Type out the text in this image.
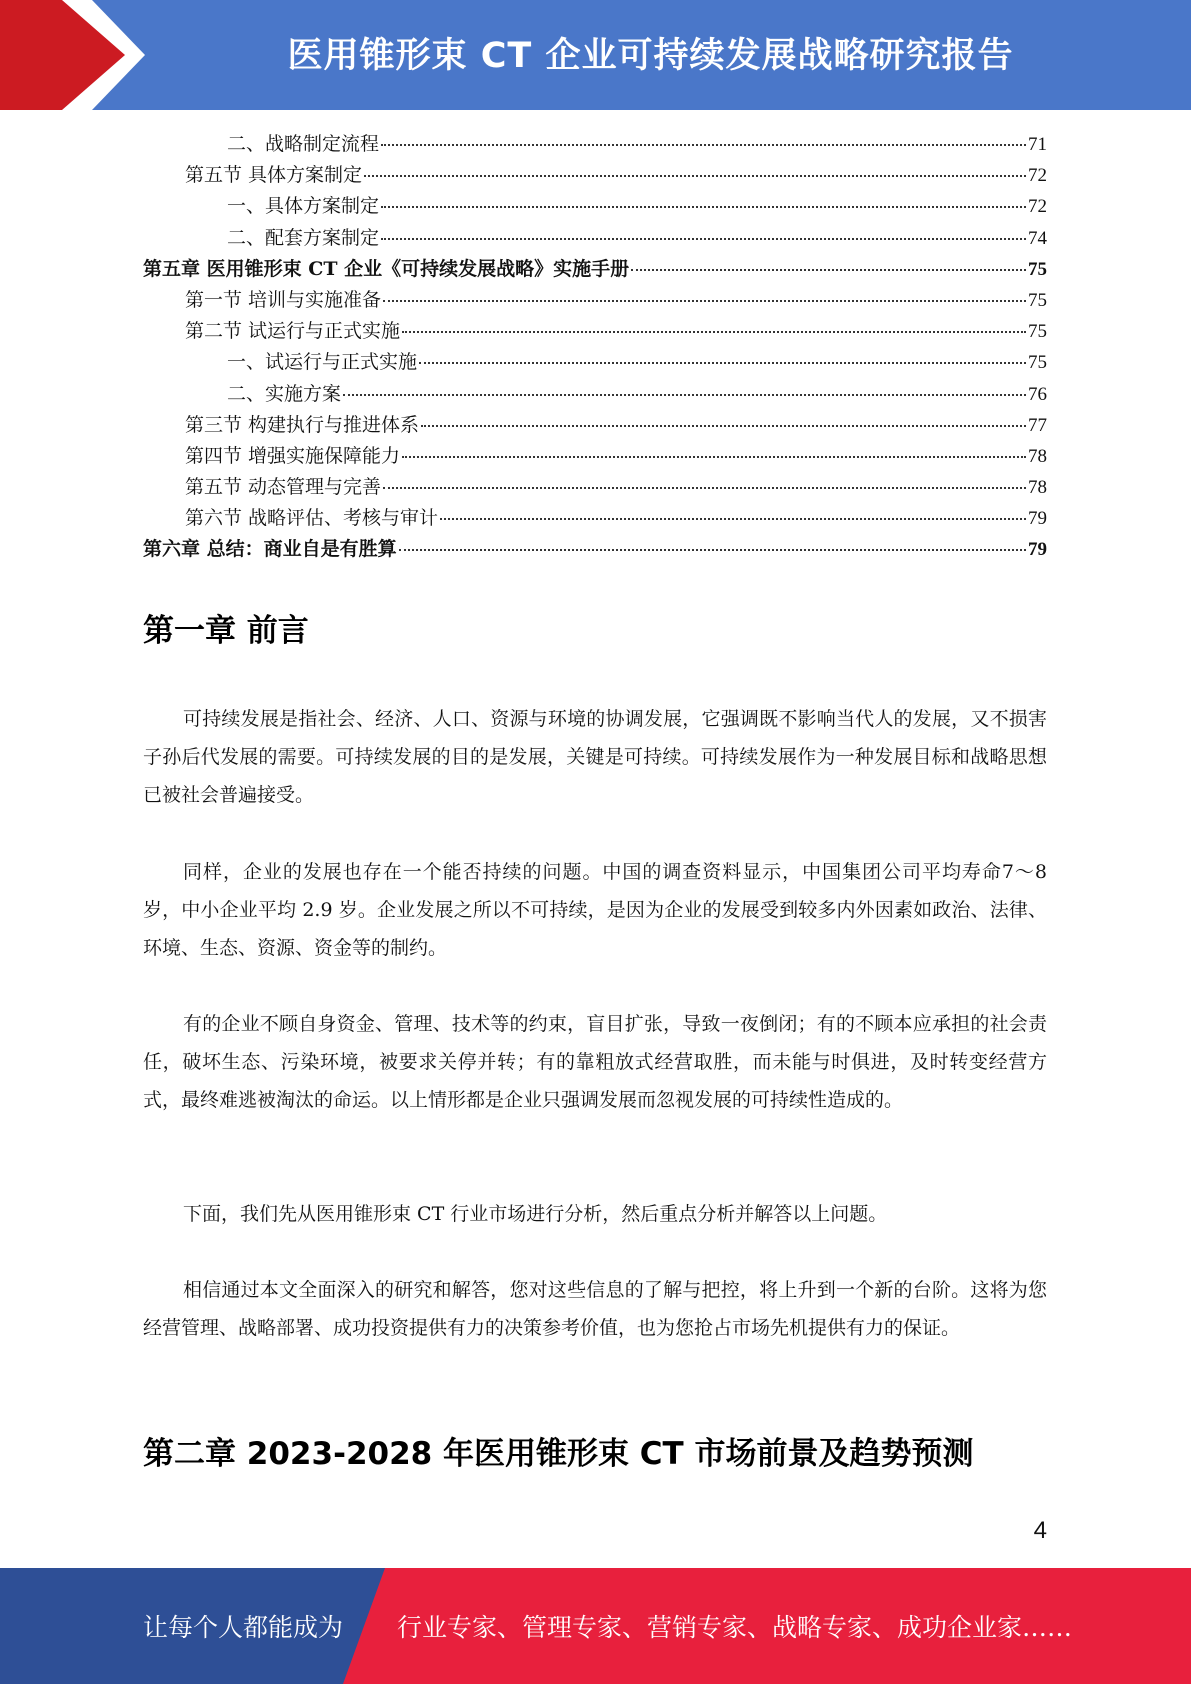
医用锥形束 CT 企业可持续发展战略研究报告
二、战略制定流程	71
第五节 具体方案制定	72
一、具体方案制定	72
二、配套方案制定	74
第五章 医用锥形束 CT 企业《可持续发展战略》实施手册	75
第一节 培训与实施准备	75
第二节 试运行与正式实施	75
一、试运行与正式实施	75
二、实施方案	76
第三节 构建执行与推进体系	77
第四节 增强实施保障能力	78
第五节 动态管理与完善	78
第六节 战略评估、考核与审计	79
第六章 总结：商业自是有胜算	79
第一章 前言
可持续发展是指社会、经济、人口、资源与环境的协调发展，它强调既不影响当代人的发展，又不损害子孙后代发展的需要。可持续发展的目的是发展，关键是可持续。可持续发展作为一种发展目标和战略思想已被社会普遍接受。
同样，企业的发展也存在一个能否持续的问题。中国的调查资料显示，中国集团公司平均寿命7～8 岁，中小企业平均 2.9 岁。企业发展之所以不可持续，是因为企业的发展受到较多内外因素如政治、法律、环境、生态、资源、资金等的制约。
有的企业不顾自身资金、管理、技术等的约束，盲目扩张，导致一夜倒闭；有的不顾本应承担的社会责任，破坏生态、污染环境，被要求关停并转；有的靠粗放式经营取胜，而未能与时俱进，及时转变经营方式，最终难逃被淘汰的命运。以上情形都是企业只强调发展而忽视发展的可持续性造成的。
下面，我们先从医用锥形束 CT 行业市场进行分析，然后重点分析并解答以上问题。
相信通过本文全面深入的研究和解答，您对这些信息的了解与把控，将上升到一个新的台阶。这将为您经营管理、战略部署、成功投资提供有力的决策参考价值，也为您抢占市场先机提供有力的保证。
第二章 2023-2028 年医用锥形束 CT 市场前景及趋势预测
4
让每个人都能成为 行业专家、管理专家、营销专家、战略专家、成功企业家……
